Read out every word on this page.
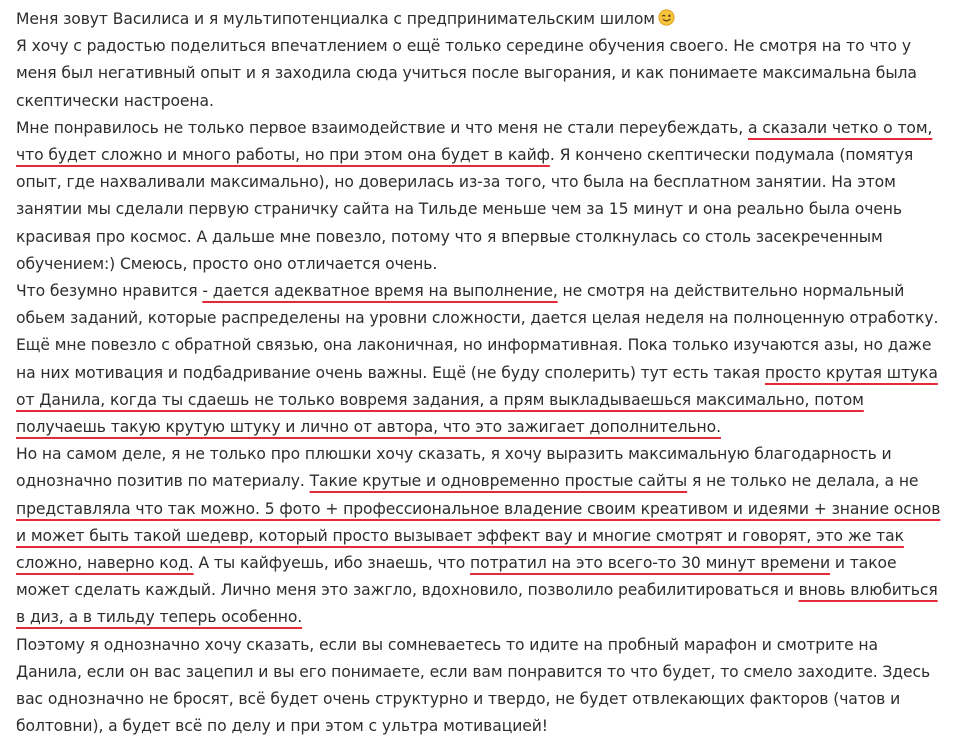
Меня зовут Василиса и я мультипотенциалка с предпринимательским шилом

Я хочу с радостью поделиться впечатлением о ещё только середине обучения своего. Не смотря на то что у меня был негативный опыт и я заходила сюда учиться после выгорания, и как понимаете максимальна была скептически настроена.

Мне понравилось не только первое взаимодействие и что меня не стали переубеждать, а сказали четко о том, что будет сложно и много работы, но при этом она будет в кайф. Я кончено скептически подумала (помятуя опыт, где нахваливали максимально), но доверилась из-за того, что была на бесплатном занятии. На этом занятии мы сделали первую страничку сайта на Тильде меньше чем за 15 минут и она реально была очень красивая про космос. А дальше мне повезло, потому что я впервые столкнулась со столь засекреченным обучением:) Смеюсь, просто оно отличается очень.

Что безумно нравится - дается адекватное время на выполнение, не смотря на действительно нормальный обьем заданий, которые распределены на уровни сложности, дается целая неделя на полноценную отработку. Ещё мне повезло с обратной связью, она лаконичная, но информативная. Пока только изучаются азы, но даже на них мотивация и подбадривание очень важны. Ещё (не буду сполерить) тут есть такая просто крутая штука от Данила, когда ты сдаешь не только вовремя задания, а прям выкладываешься максимально, потом получаешь такую крутую штуку и лично от автора, что это зажигает дополнительно.

Но на самом деле, я не только про плюшки хочу сказать, я хочу выразить максимальную благодарность и однозначно позитив по материалу. Такие крутые и одновременно простые сайты я не только не делала, а не представляла что так можно. 5 фото + профессиональное владение своим креативом и идеями + знание основ и может быть такой шедевр, который просто вызывает эффект вау и многие смотрят и говорят, это же так сложно, наверно код. А ты кайфуешь, ибо знаешь, что потратил на это всего-то 30 минут времени и такое может сделать каждый. Лично меня это зажгло, вдохновило, позволило реабилитироваться и вновь влюбиться в диз, а в тильду теперь особенно.

Поэтому я однозначно хочу сказать, если вы сомневаетесь то идите на пробный марафон и смотрите на Данила, если он вас зацепил и вы его понимаете, если вам понравится то что будет, то смело заходите. Здесь вас однозначно не бросят, всё будет очень структурно и твердо, не будет отвлекающих факторов (чатов и болтовни), а будет всё по делу и при этом с ультра мотивацией!
